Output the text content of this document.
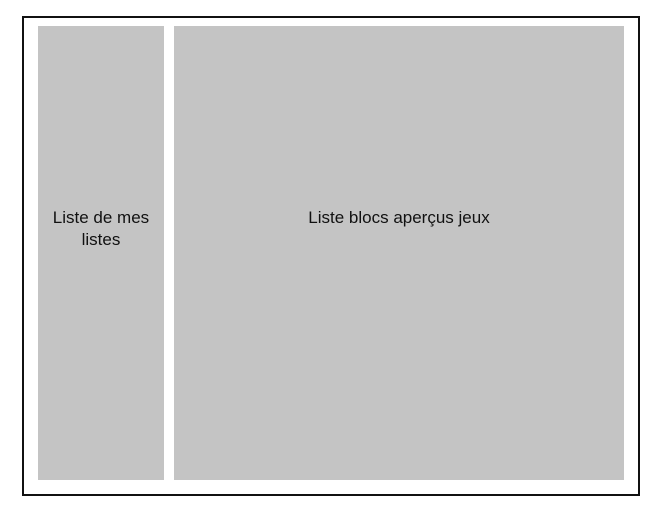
Liste de mes listes
Liste blocs aperçus jeux
